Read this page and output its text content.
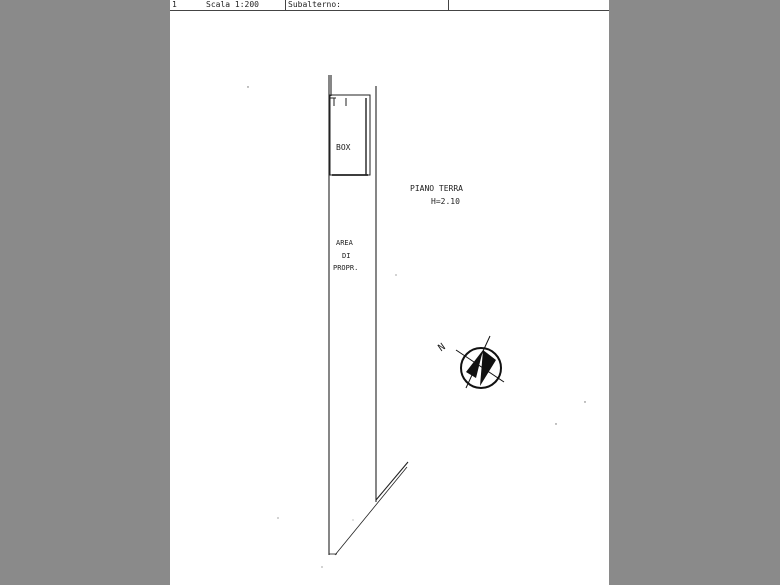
1	Scala 1:200	Subalterno:
BOX
AREA
DI
PROPR.
PIANO TERRA
H=2.10
N
